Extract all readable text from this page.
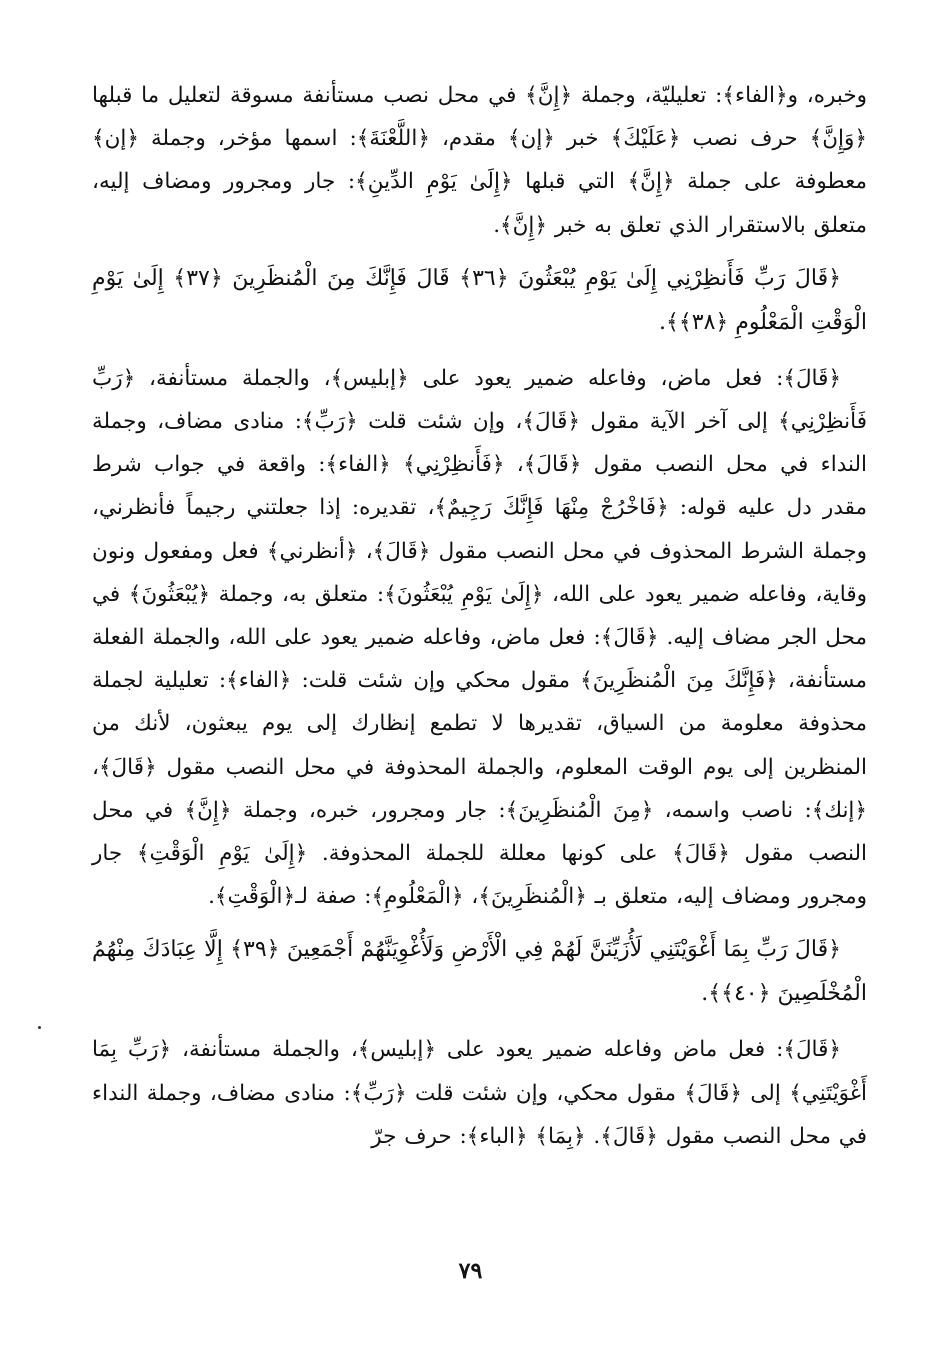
وخبره، و﴿الفاء﴾: تعليليّة، وجملة ﴿إِنَّ﴾ في محل نصب مستأنفة مسوقة لتعليل ما قبلها ﴿وَإِنَّ﴾ حرف نصب ﴿عَلَيْكَ﴾ خبر ﴿إن﴾ مقدم، ﴿اللَّعْنَةَ﴾: اسمها مؤخر، وجملة ﴿إن﴾ معطوفة على جملة ﴿إِنَّ﴾ التي قبلها ﴿إِلَىٰ يَوْمِ الدِّينِ﴾: جار ومجرور ومضاف إليه، متعلق بالاستقرار الذي تعلق به خبر ﴿إِنَّ﴾.

﴿قَالَ رَبِّ فَأَنظِرْنِي إِلَىٰ يَوْمِ يُبْعَثُونَ ﴿٣٦﴾ قَالَ فَإِنَّكَ مِنَ الْمُنظَرِينَ ﴿٣٧﴾ إِلَىٰ يَوْمِ الْوَقْتِ الْمَعْلُومِ ﴿٣٨﴾﴾.

﴿قَالَ﴾: فعل ماض، وفاعله ضمير يعود على ﴿إبليس﴾، والجملة مستأنفة، ﴿رَبِّ فَأَنظِرْنِي﴾ إلى آخر الآية مقول ﴿قَالَ﴾، وإن شئت قلت ﴿رَبِّ﴾: منادى مضاف، وجملة النداء في محل النصب مقول ﴿قَالَ﴾، ﴿فَأَنظِرْنِي﴾ ﴿الفاء﴾: واقعة في جواب شرط مقدر دل عليه قوله: ﴿فَاخْرُجْ مِنْهَا فَإِنَّكَ رَجِيمٌ﴾، تقديره: إذا جعلتني رجيماً فأنظرني، وجملة الشرط المحذوف في محل النصب مقول ﴿قَالَ﴾، ﴿أنظرني﴾ فعل ومفعول ونون وقاية، وفاعله ضمير يعود على الله، ﴿إِلَىٰ يَوْمِ يُبْعَثُونَ﴾: متعلق به، وجملة ﴿يُبْعَثُونَ﴾ في محل الجر مضاف إليه. ﴿قَالَ﴾: فعل ماض، وفاعله ضمير يعود على الله، والجملة الفعلة مستأنفة، ﴿فَإِنَّكَ مِنَ الْمُنظَرِينَ﴾ مقول محكي وإن شئت قلت: ﴿الفاء﴾: تعليلية لجملة محذوفة معلومة من السياق، تقديرها لا تطمع إنظارك إلى يوم يبعثون، لأنك من المنظرين إلى يوم الوقت المعلوم، والجملة المحذوفة في محل النصب مقول ﴿قَالَ﴾، ﴿إنك﴾: ناصب واسمه، ﴿مِنَ الْمُنظَرِينَ﴾: جار ومجرور، خبره، وجملة ﴿إِنَّ﴾ في محل النصب مقول ﴿قَالَ﴾ على كونها معللة للجملة المحذوفة. ﴿إِلَىٰ يَوْمِ الْوَقْتِ﴾ جار ومجرور ومضاف إليه، متعلق بـ ﴿الْمُنظَرِينَ﴾، ﴿الْمَعْلُومِ﴾: صفة لـ﴿الْوَقْتِ﴾.

﴿قَالَ رَبِّ بِمَا أَغْوَيْتَنِي لَأُزَيِّنَنَّ لَهُمْ فِي الْأَرْضِ وَلَأُغْوِيَنَّهُمْ أَجْمَعِينَ ﴿٣٩﴾ إِلَّا عِبَادَكَ مِنْهُمُ الْمُخْلَصِينَ ﴿٤٠﴾﴾.

﴿قَالَ﴾: فعل ماض وفاعله ضمير يعود على ﴿إبليس﴾، والجملة مستأنفة، ﴿رَبِّ بِمَا أَغْوَيْتَنِي﴾ إلى ﴿قَالَ﴾ مقول محكي، وإن شئت قلت ﴿رَبِّ﴾: منادى مضاف، وجملة النداء في محل النصب مقول ﴿قَالَ﴾. ﴿بِمَا﴾ ﴿الباء﴾: حرف جرّ

٧٩
